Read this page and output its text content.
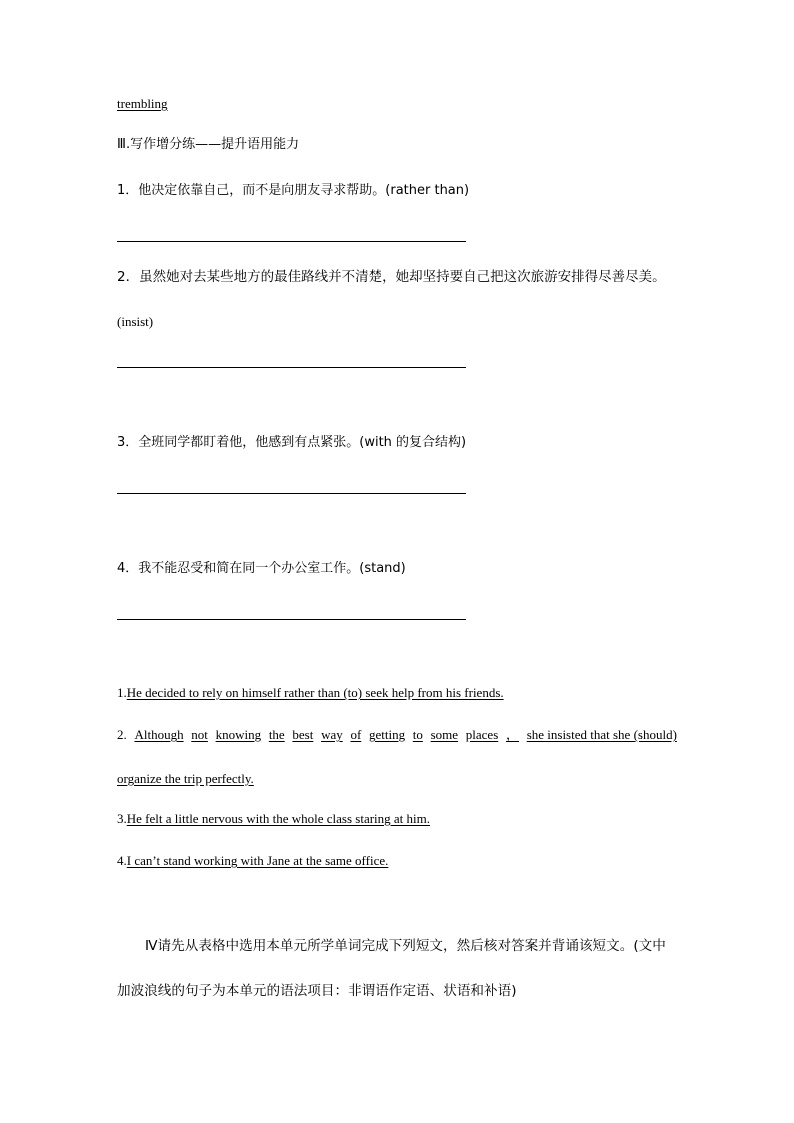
trembling
Ⅲ.写作增分练——提升语用能力
1．他决定依靠自己，而不是向朋友寻求帮助。(rather than)
2．虽然她对去某些地方的最佳路线并不清楚，她却坚持要自己把这次旅游安排得尽善尽美。
(insist)
3．全班同学都盯着他，他感到有点紧张。(with 的复合结构)
4．我不能忍受和简在同一个办公室工作。(stand)
1.He decided to rely on himself rather than (to) seek help from his friends.
2. Although not knowing the best way of getting to some places ， she insisted that she (should)
organize the trip perfectly.
3.He felt a little nervous with the whole class staring at him.
4.I can’t stand working with Jane at the same office.
Ⅳ请先从表格中选用本单元所学单词完成下列短文，然后核对答案并背诵该短文。(文中
加波浪线的句子为本单元的语法项目：非谓语作定语、状语和补语)
